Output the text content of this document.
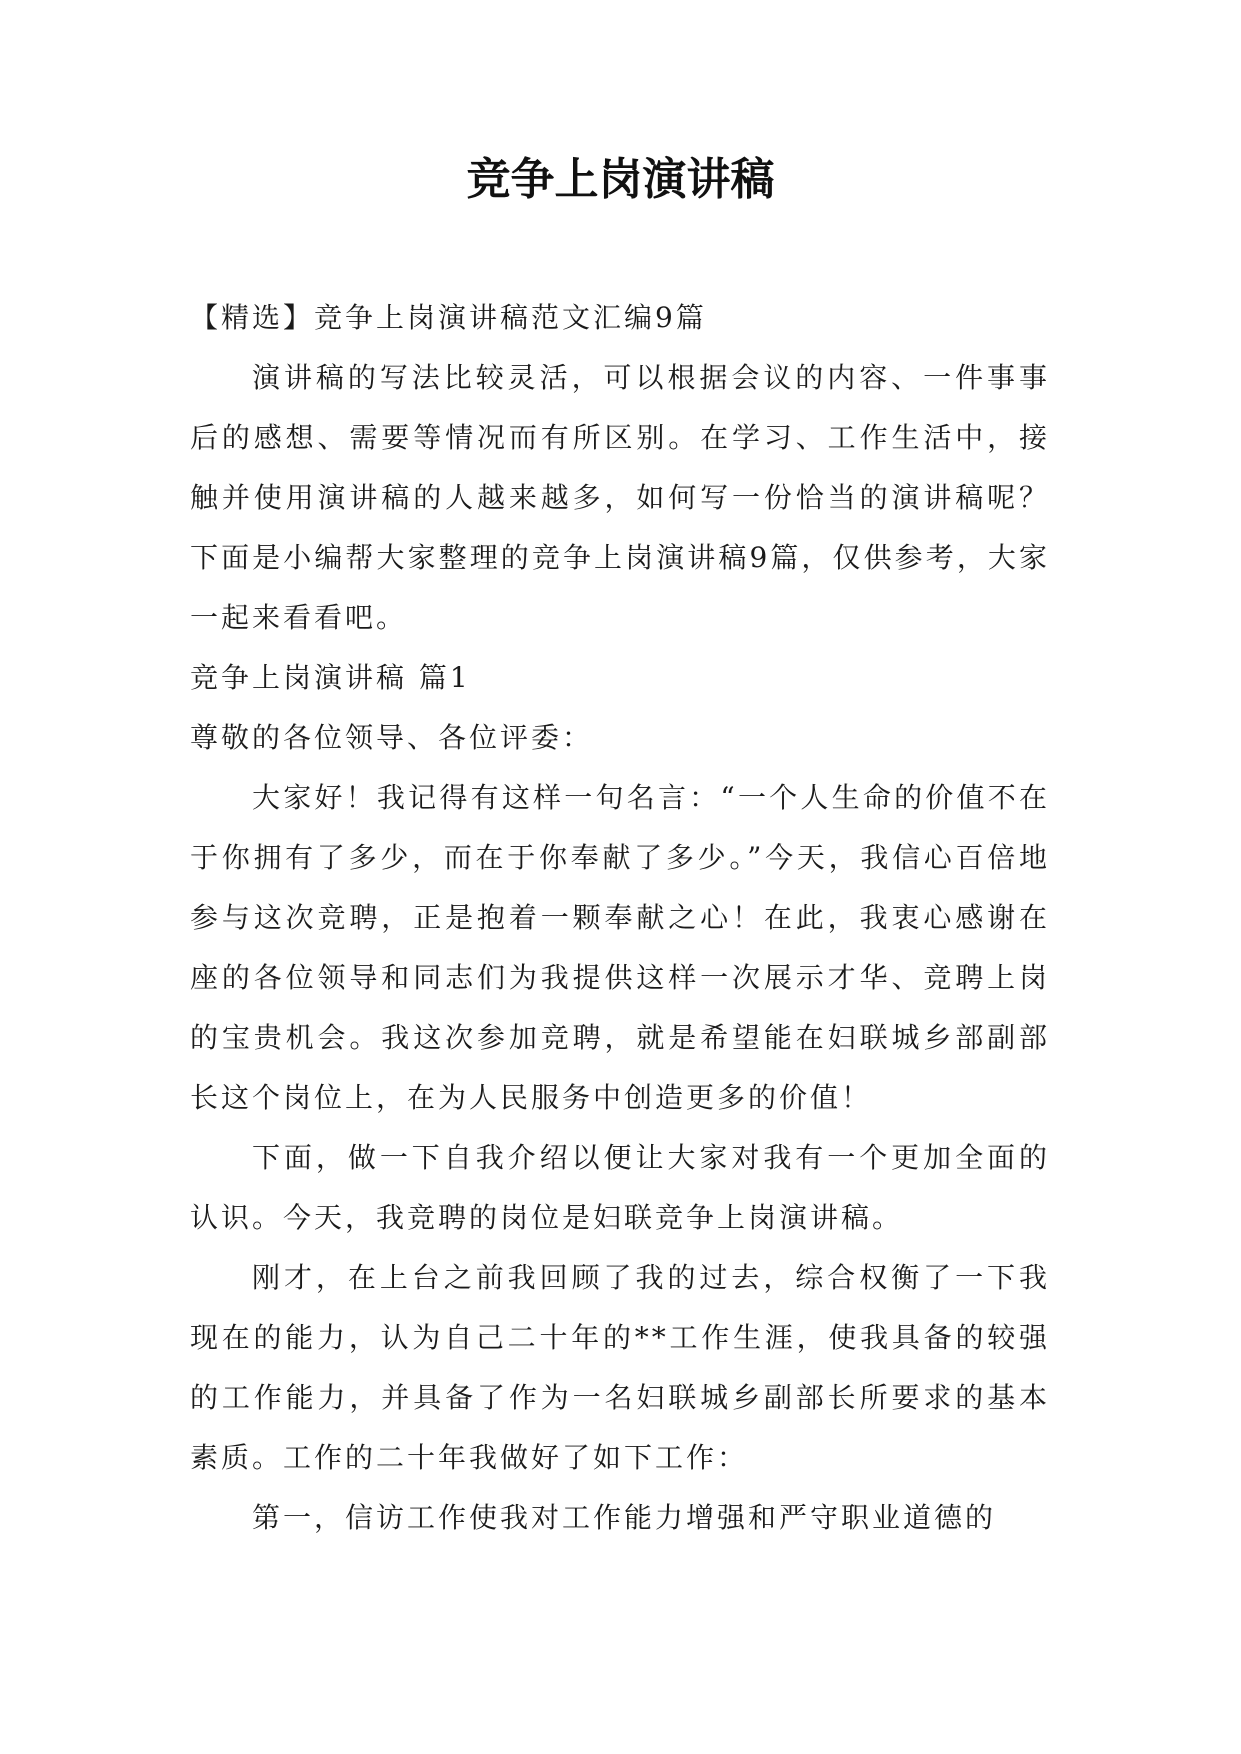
竞争上岗演讲稿

【精选】竞争上岗演讲稿范文汇编9篇

演讲稿的写法比较灵活，可以根据会议的内容、一件事事后的感想、需要等情况而有所区别。在学习、工作生活中，接触并使用演讲稿的人越来越多，如何写一份恰当的演讲稿呢？下面是小编帮大家整理的竞争上岗演讲稿9篇，仅供参考，大家一起来看看吧。

竞争上岗演讲稿 篇1

尊敬的各位领导、各位评委：

大家好！我记得有这样一句名言：“一个人生命的价值不在于你拥有了多少，而在于你奉献了多少。”今天，我信心百倍地参与这次竞聘，正是抱着一颗奉献之心！在此，我衷心感谢在座的各位领导和同志们为我提供这样一次展示才华、竞聘上岗的宝贵机会。我这次参加竞聘，就是希望能在妇联城乡部副部长这个岗位上，在为人民服务中创造更多的价值！

下面，做一下自我介绍以便让大家对我有一个更加全面的认识。今天，我竞聘的岗位是妇联竞争上岗演讲稿。

刚才，在上台之前我回顾了我的过去，综合权衡了一下我现在的能力，认为自己二十年的**工作生涯，使我具备的较强的工作能力，并具备了作为一名妇联城乡副部长所要求的基本素质。工作的二十年我做好了如下工作：

第一，信访工作使我对工作能力增强和严守职业道德的
